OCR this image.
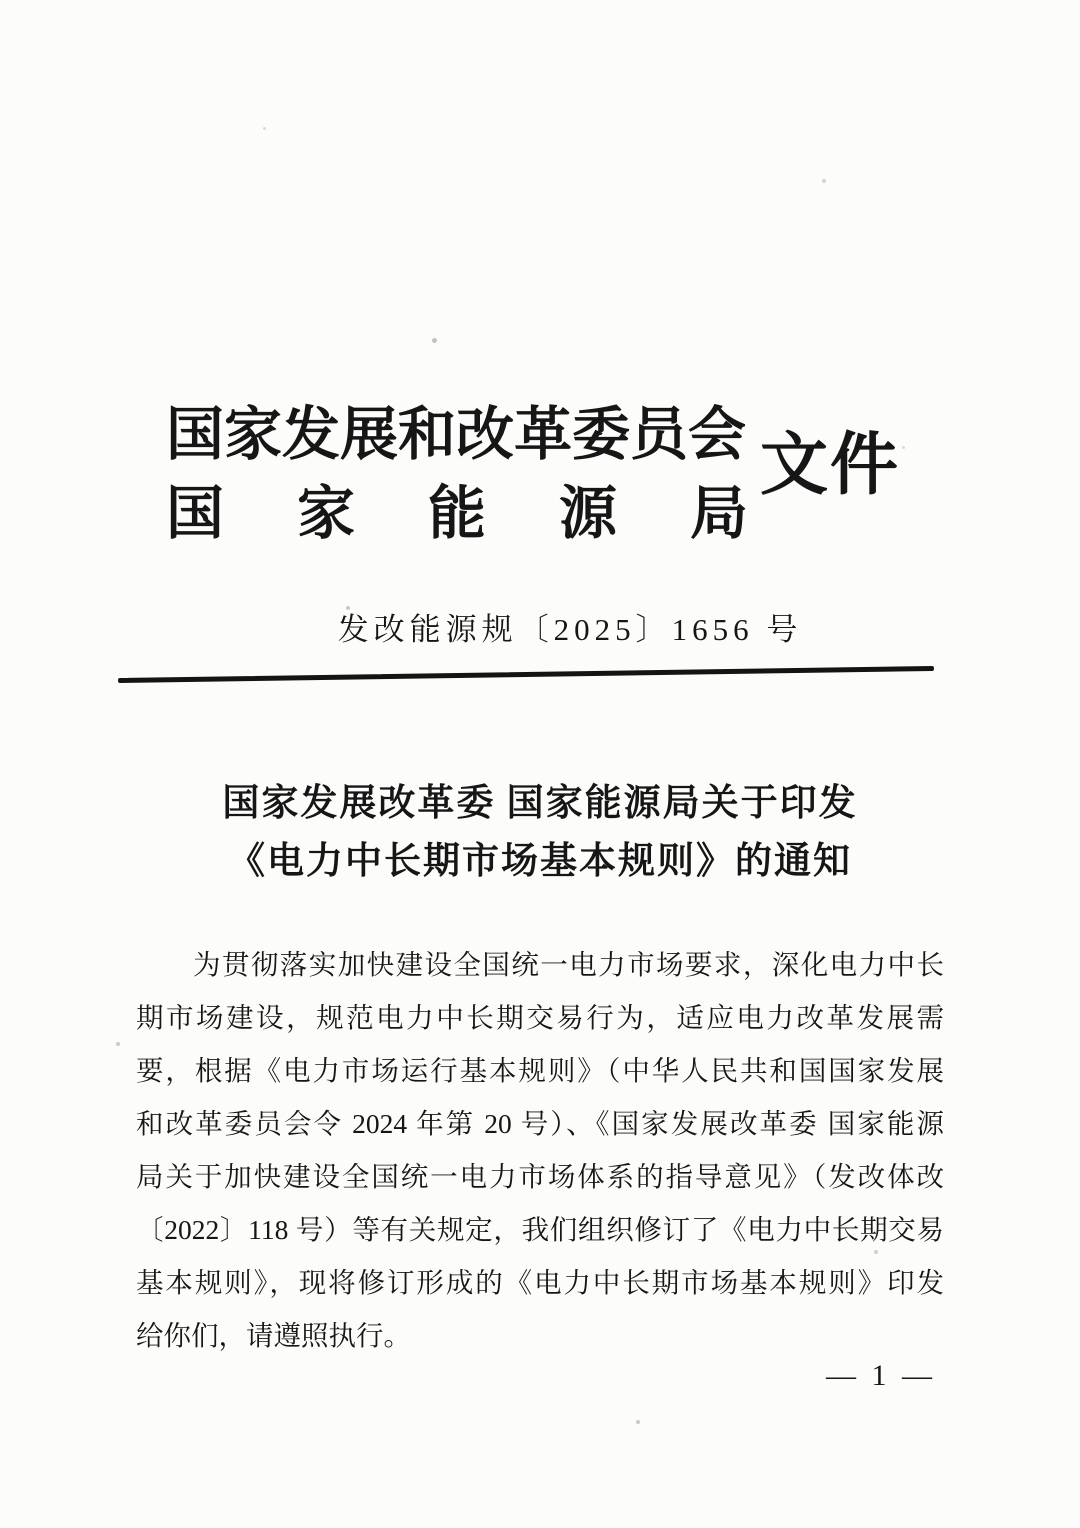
国家发展和改革委员会
国 家 能 源 局
文件
发改能源规〔2025〕1656 号
国家发展改革委 国家能源局关于印发
《电力中长期市场基本规则》的通知
为贯彻落实加快建设全国统一电力市场要求，深化电力中长
期市场建设，规范电力中长期交易行为，适应电力改革发展需
要，根据《电力市场运行基本规则》（中华人民共和国国家发展
和改革委员会令 2024 年第 20 号）、《国家发展改革委 国家能源
局关于加快建设全国统一电力市场体系的指导意见》（发改体改
〔2022〕118 号）等有关规定，我们组织修订了《电力中长期交易
基本规则》，现将修订形成的《电力中长期市场基本规则》印发
给你们，请遵照执行。
— 1 —
